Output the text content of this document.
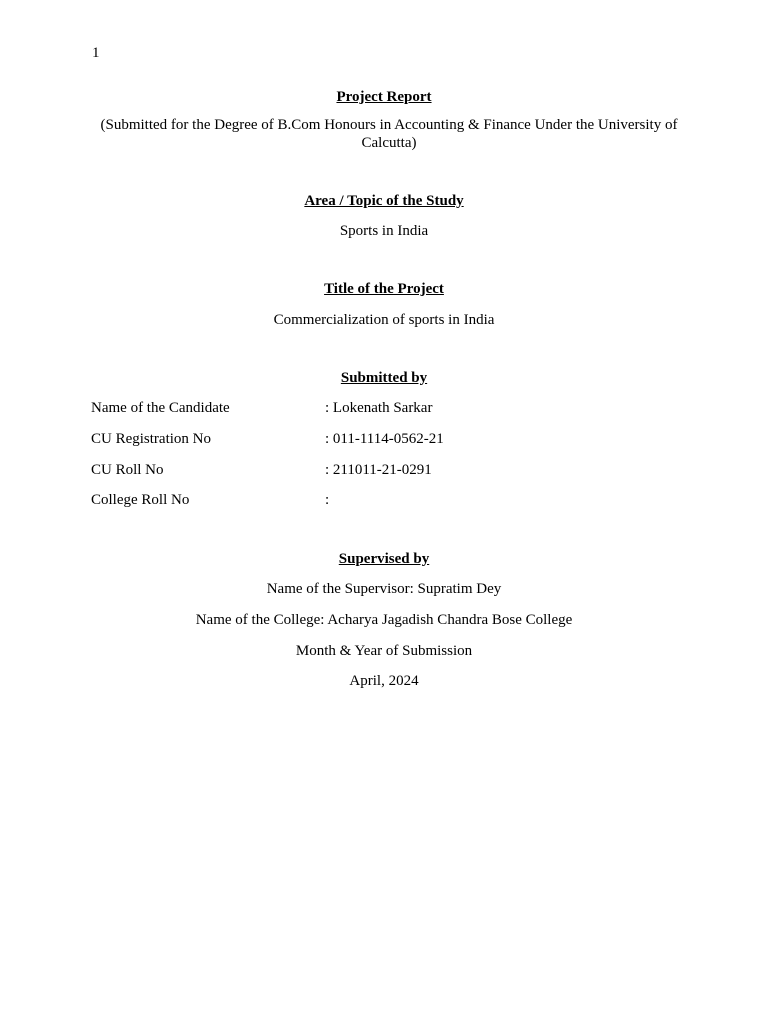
1
Project Report
(Submitted for the Degree of B.Com Honours in Accounting & Finance Under the University of Calcutta)
Area / Topic of the Study
Sports in India
Title of the Project
Commercialization of sports in India
Submitted by
Name of the Candidate	: Lokenath Sarkar
CU Registration No	: 011-1114-0562-21
CU Roll No	: 211011-21-0291
College Roll No	:
Supervised by
Name of the Supervisor: Supratim Dey
Name of the College: Acharya Jagadish Chandra Bose College
Month & Year of Submission
April, 2024
